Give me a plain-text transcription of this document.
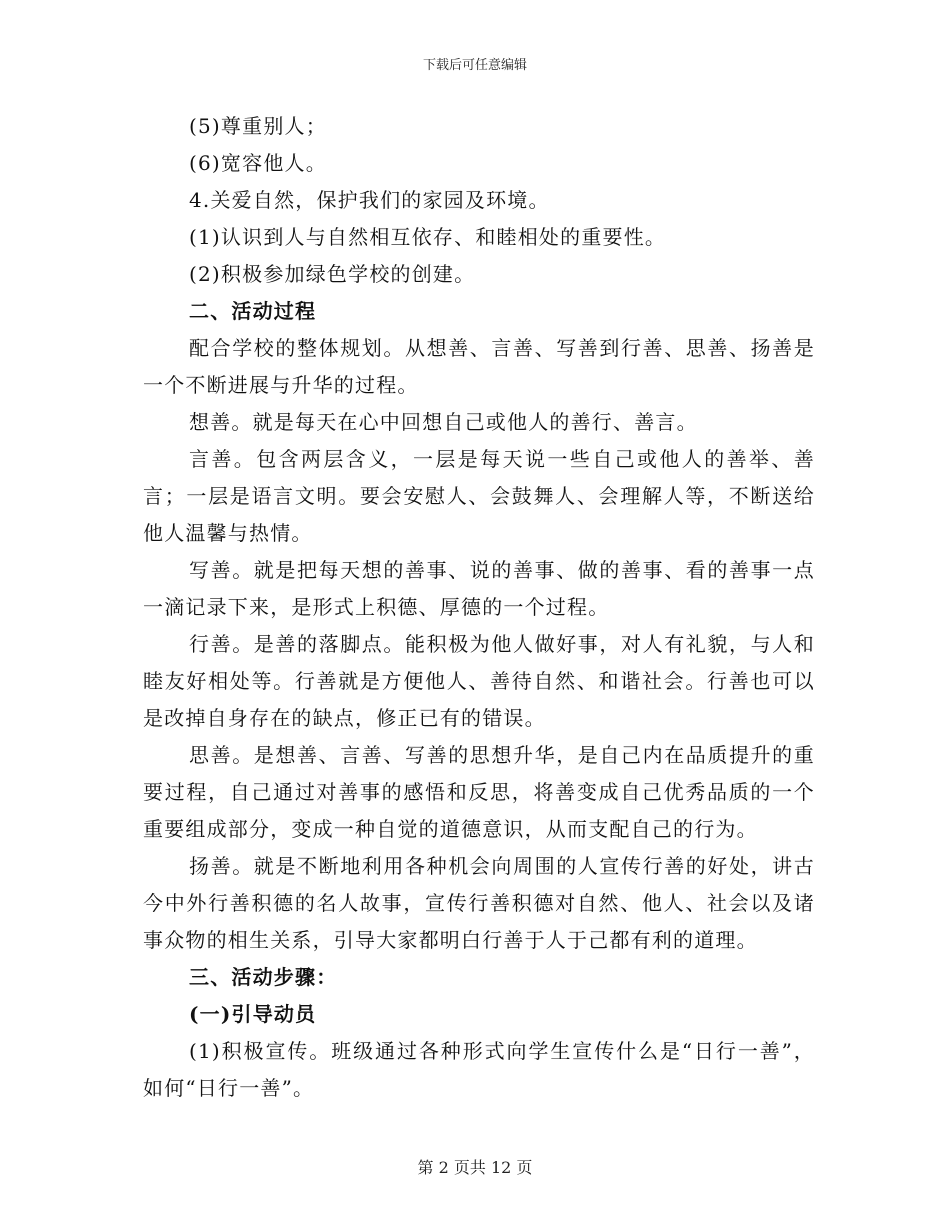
下载后可任意编辑

(5)尊重别人；

(6)宽容他人。

4.关爱自然，保护我们的家园及环境。

(1)认识到人与自然相互依存、和睦相处的重要性。

(2)积极参加绿色学校的创建。

二、活动过程

配合学校的整体规划。从想善、言善、写善到行善、思善、扬善是一个不断进展与升华的过程。

想善。就是每天在心中回想自己或他人的善行、善言。

言善。包含两层含义，一层是每天说一些自己或他人的善举、善言；一层是语言文明。要会安慰人、会鼓舞人、会理解人等，不断送给他人温馨与热情。

写善。就是把每天想的善事、说的善事、做的善事、看的善事一点一滴记录下来，是形式上积德、厚德的一个过程。

行善。是善的落脚点。能积极为他人做好事，对人有礼貌，与人和睦友好相处等。行善就是方便他人、善待自然、和谐社会。行善也可以是改掉自身存在的缺点，修正已有的错误。

思善。是想善、言善、写善的思想升华，是自己内在品质提升的重要过程，自己通过对善事的感悟和反思，将善变成自己优秀品质的一个重要组成部分，变成一种自觉的道德意识，从而支配自己的行为。

扬善。就是不断地利用各种机会向周围的人宣传行善的好处，讲古今中外行善积德的名人故事，宣传行善积德对自然、他人、社会以及诸事众物的相生关系，引导大家都明白行善于人于己都有利的道理。

三、活动步骤：

(一)引导动员

(1)积极宣传。班级通过各种形式向学生宣传什么是“日行一善”，如何“日行一善”。

第 2 页共 12 页
